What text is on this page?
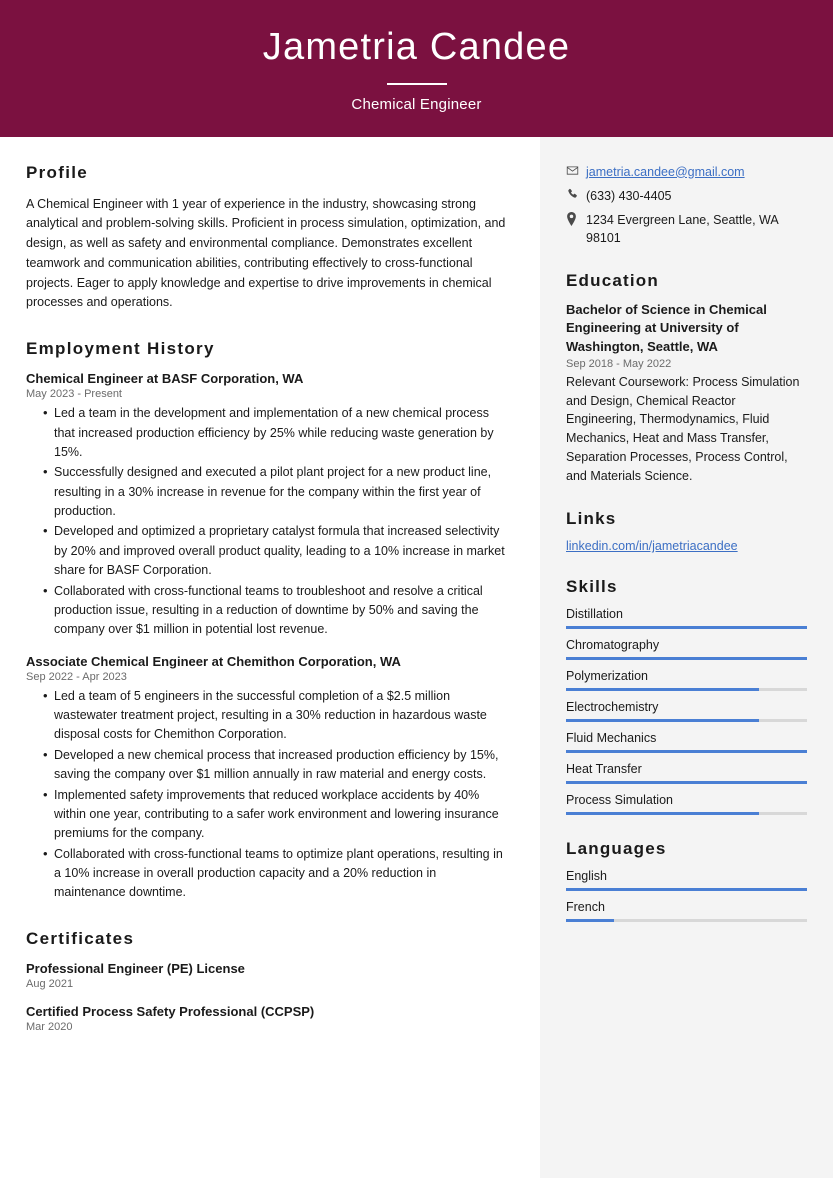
Jametria Candee
Chemical Engineer
Profile

A Chemical Engineer with 1 year of experience in the industry, showcasing strong analytical and problem-solving skills. Proficient in process simulation, optimization, and design, as well as safety and environmental compliance. Demonstrates excellent teamwork and communication abilities, contributing effectively to cross-functional projects. Eager to apply knowledge and expertise to drive improvements in chemical processes and operations.

Employment History

Chemical Engineer at BASF Corporation, WA

May 2023 - Present

• Led a team in the development and implementation of a new chemical process that increased production efficiency by 25% while reducing waste generation by 15%.
• Successfully designed and executed a pilot plant project for a new product line, resulting in a 30% increase in revenue for the company within the first year of production.
• Developed and optimized a proprietary catalyst formula that increased selectivity by 20% and improved overall product quality, leading to a 10% increase in market share for BASF Corporation.
• Collaborated with cross-functional teams to troubleshoot and resolve a critical production issue, resulting in a reduction of downtime by 50% and saving the company over $1 million in potential lost revenue.

Associate Chemical Engineer at Chemithon Corporation, WA

Sep 2022 - Apr 2023

• Led a team of 5 engineers in the successful completion of a $2.5 million wastewater treatment project, resulting in a 30% reduction in hazardous waste disposal costs for Chemithon Corporation.
• Developed a new chemical process that increased production efficiency by 15%, saving the company over $1 million annually in raw material and energy costs.
• Implemented safety improvements that reduced workplace accidents by 40% within one year, contributing to a safer work environment and lowering insurance premiums for the company.
• Collaborated with cross-functional teams to optimize plant operations, resulting in a 10% increase in overall production capacity and a 20% reduction in maintenance downtime.
Certificates

Professional Engineer (PE) License

Aug 2021

Certified Process Safety Professional (CCPSP)

Mar 2020

jametria.candee@gmail.com
(633) 430-4405
1234 Evergreen Lane, Seattle, WA 98101
Education

Bachelor of Science in Chemical Engineering at University of Washington, Seattle, WA

Sep 2018 - May 2022

Relevant Coursework: Process Simulation and Design, Chemical Reactor Engineering, Thermodynamics, Fluid Mechanics, Heat and Mass Transfer, Separation Processes, Process Control, and Materials Science.

Links
linkedin.com/in/jametriacandee
Skills

Distillation

Chromatography

Polymerization

Electrochemistry

Fluid Mechanics

Heat Transfer

Process Simulation

Languages

English

French
